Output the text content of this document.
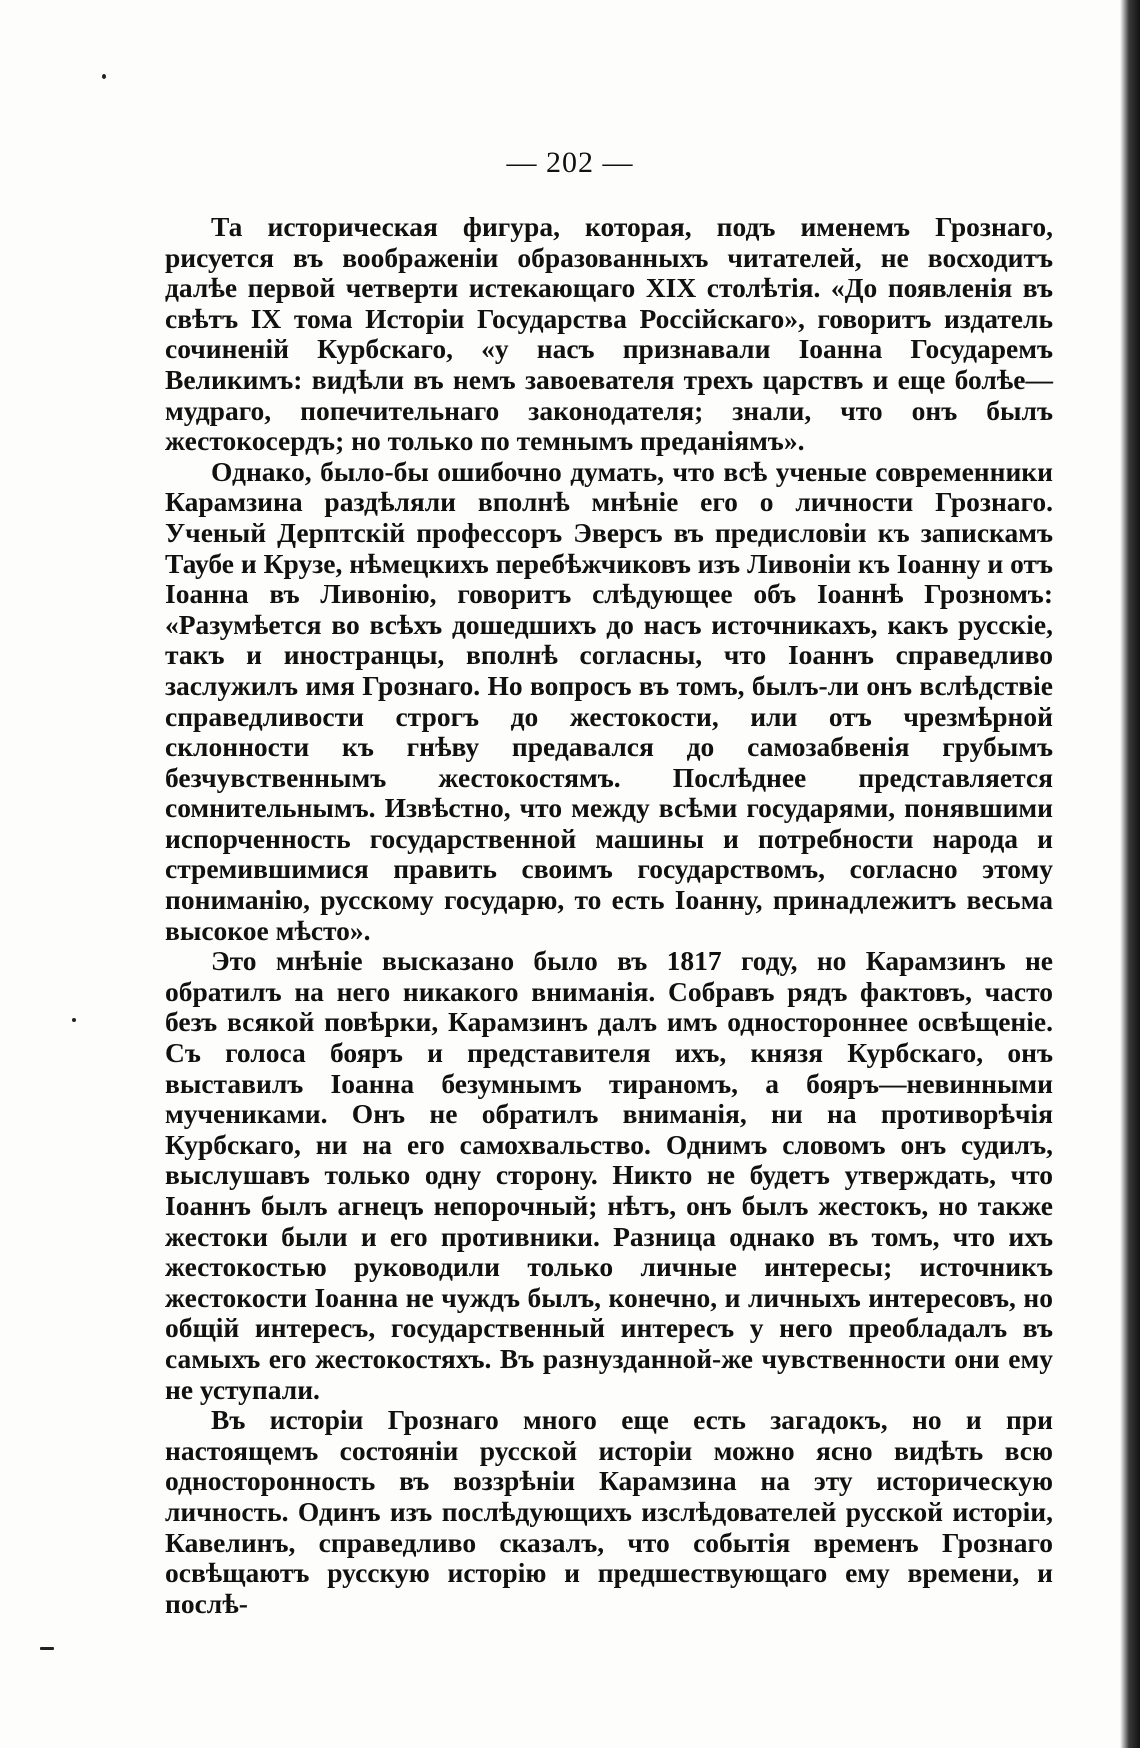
— 202 —

Та историческая фигура, которая, подъ именемъ Грознаго, рисуется въ воображеніи образованныхъ читателей, не восходитъ далѣе первой четверти истекающаго XIX столѣтія. «До появленія въ свѣтъ IX тома Исторіи Государства Россійскаго», говоритъ издатель сочиненій Курбскаго, «у насъ признавали Іоанна Государемъ Великимъ: видѣли въ немъ завоевателя трехъ царствъ и еще болѣе—мудраго, попечительнаго законодателя; знали, что онъ былъ жестокосердъ; но только по темнымъ преданіямъ».

Однако, было-бы ошибочно думать, что всѣ ученые современники Карамзина раздѣляли вполнѣ мнѣніе его о личности Грознаго. Ученый Дерптскій профессоръ Эверсъ въ предисловіи къ запискамъ Таубе и Крузе, нѣмецкихъ перебѣжчиковъ изъ Ливоніи къ Іоанну и отъ Іоанна въ Ливонію, говоритъ слѣдующее объ Іоаннѣ Грозномъ: «Разумѣется во всѣхъ дошедшихъ до насъ источникахъ, какъ русскіе, такъ и иностранцы, вполнѣ согласны, что Іоаннъ справедливо заслужилъ имя Грознаго. Но вопросъ въ томъ, былъ-ли онъ вслѣдствіе справедливости строгъ до жестокости, или отъ чрезмѣрной склонности къ гнѣву предавался до самозабвенія грубымъ безчувственнымъ жестокостямъ. Послѣднее представляется сомнительнымъ. Извѣстно, что между всѣми государями, понявшими испорченность государственной машины и потребности народа и стремившимися править своимъ государствомъ, согласно этому пониманію, русскому государю, то есть Іоанну, принадлежитъ весьма высокое мѣсто».

Это мнѣніе высказано было въ 1817 году, но Карамзинъ не обратилъ на него никакого вниманія. Собравъ рядъ фактовъ, часто безъ всякой повѣрки, Карамзинъ далъ имъ одностороннее освѣщеніе. Съ голоса бояръ и представителя ихъ, князя Курбскаго, онъ выставилъ Іоанна безумнымъ тираномъ, а бояръ—невинными мучениками. Онъ не обратилъ вниманія, ни на противорѣчія Курбскаго, ни на его самохвальство. Однимъ словомъ онъ судилъ, выслушавъ только одну сторону. Никто не будетъ утверждать, что Іоаннъ былъ агнецъ непорочный; нѣтъ, онъ былъ жестокъ, но также жестоки были и его противники. Разница однако въ томъ, что ихъ жестокостью руководили только личные интересы; источникъ жестокости Іоанна не чуждъ былъ, конечно, и личныхъ интересовъ, но общій интересъ, государственный интересъ у него преобладалъ въ самыхъ его жестокостяхъ. Въ разнузданной-же чувственности они ему не уступали.

Въ исторіи Грознаго много еще есть загадокъ, но и при настоящемъ состояніи русской исторіи можно ясно видѣть всю односторонность въ воззрѣніи Карамзина на эту историческую личность. Одинъ изъ послѣдующихъ изслѣдователей русской исторіи, Кавелинъ, справедливо сказалъ, что событія временъ Грознаго освѣщаютъ русскую исторію и предшествующаго ему времени, и послѣ-
